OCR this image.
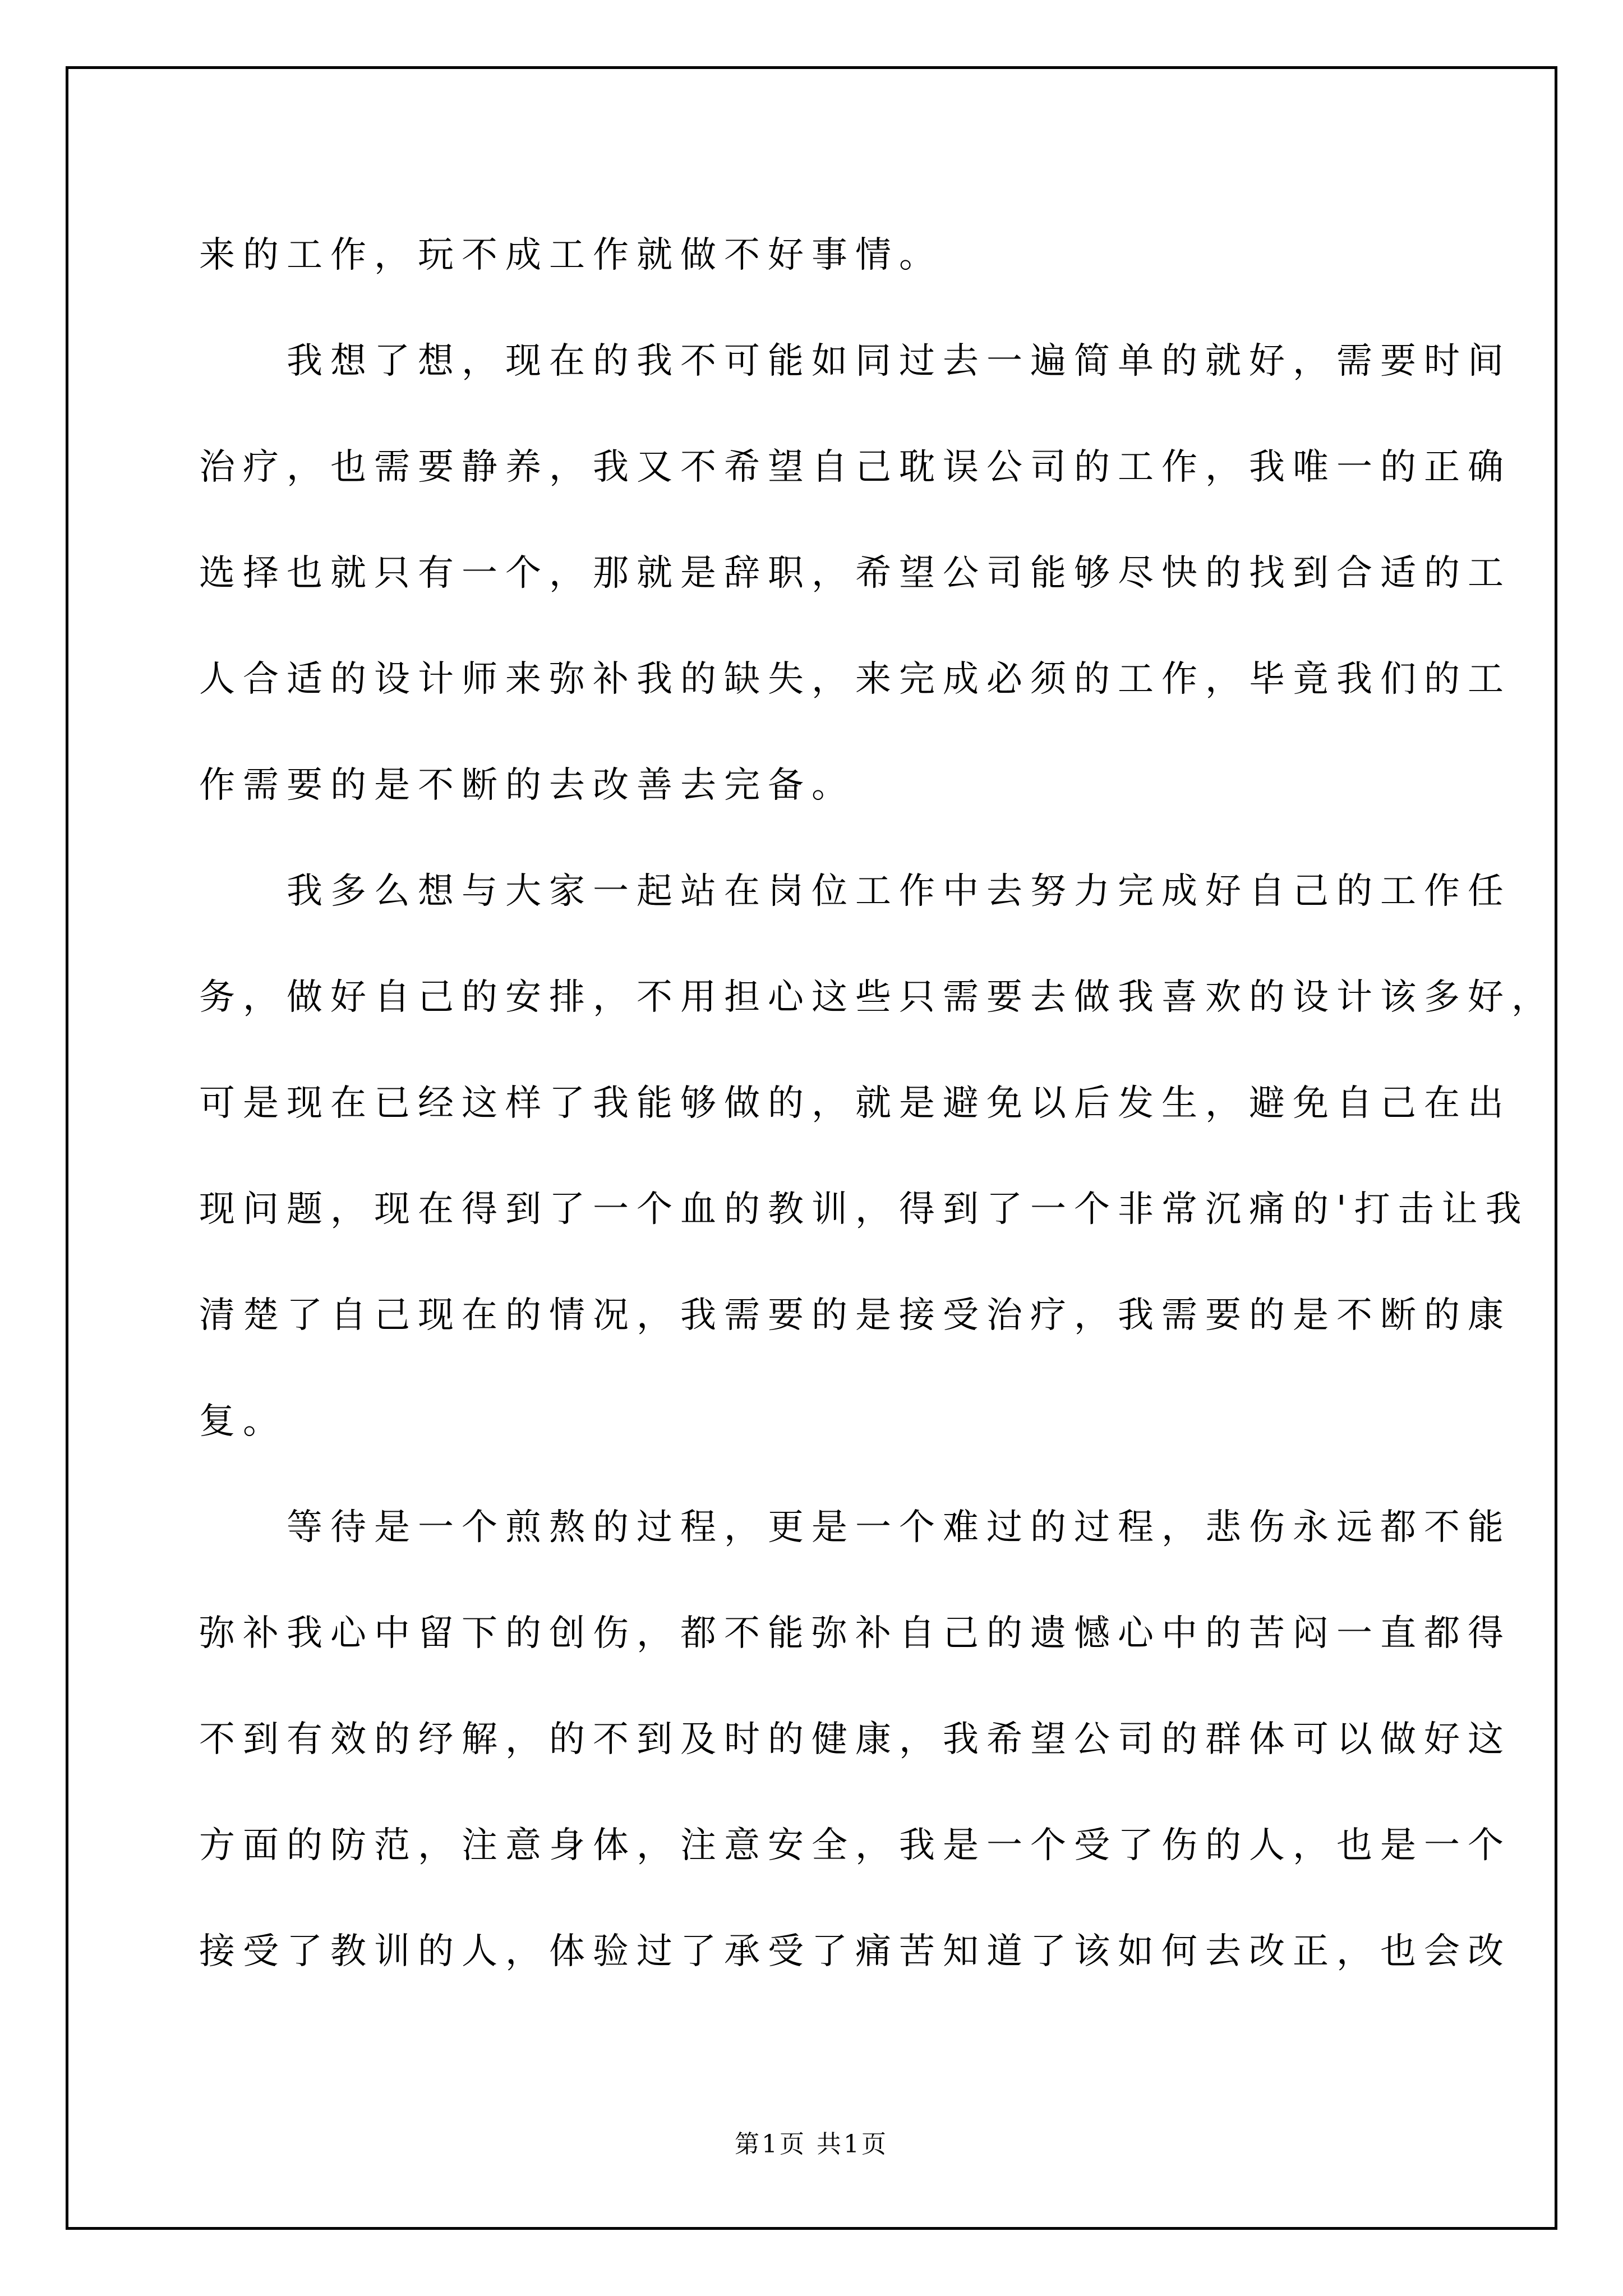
来的工作，玩不成工作就做不好事情。
我想了想，现在的我不可能如同过去一遍简单的就好，需要时间
治疗，也需要静养，我又不希望自己耽误公司的工作，我唯一的正确
选择也就只有一个，那就是辞职，希望公司能够尽快的找到合适的工
人合适的设计师来弥补我的缺失，来完成必须的工作，毕竟我们的工
作需要的是不断的去改善去完备。
我多么想与大家一起站在岗位工作中去努力完成好自己的工作任
务，做好自己的安排，不用担心这些只需要去做我喜欢的设计该多好，
可是现在已经这样了我能够做的，就是避免以后发生，避免自己在出
现问题，现在得到了一个血的教训，得到了一个非常沉痛的'打击让我
清楚了自己现在的情况，我需要的是接受治疗，我需要的是不断的康
复。
等待是一个煎熬的过程，更是一个难过的过程，悲伤永远都不能
弥补我心中留下的创伤，都不能弥补自己的遗憾心中的苦闷一直都得
不到有效的纾解，的不到及时的健康，我希望公司的群体可以做好这
方面的防范，注意身体，注意安全，我是一个受了伤的人，也是一个
接受了教训的人，体验过了承受了痛苦知道了该如何去改正，也会改
第1页 共1页
